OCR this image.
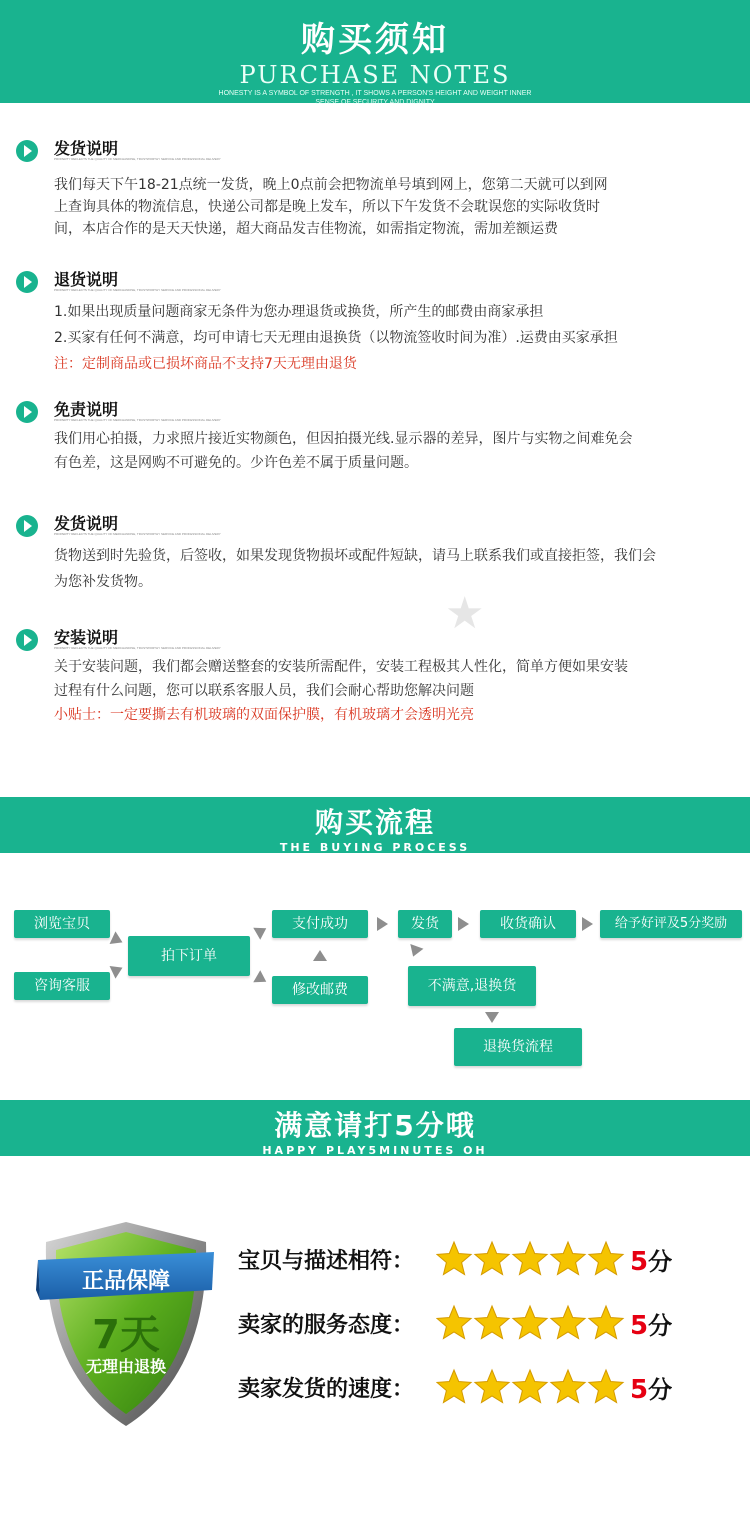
购买须知
PURCHASE NOTES
HONESTY IS A SYMBOL OF STRENGTH , IT SHOWS A PERSON'S HEIGHT AND WEIGHT INNER
SENSE OF SECURITY AND DIGNITY
发货说明
PROPERTY REFLECTS THE QUALITY OF MERCHANDISE, TRUSTWORTHY SERVICE AND PROFESSIONAL DELIVERY

我们每天下午18-21点统一发货，晚上0点前会把物流单号填到网上，您第二天就可以到网

上查询具体的物流信息，快递公司都是晚上发车，所以下午发货不会耽误您的实际收货时

间，本店合作的是天天快递，超大商品发吉佳物流，如需指定物流，需加差额运费

退货说明
PROPERTY REFLECTS THE QUALITY OF MERCHANDISE, TRUSTWORTHY SERVICE AND PROFESSIONAL DELIVERY

1.如果出现质量问题商家无条件为您办理退货或换货，所产生的邮费由商家承担

2.买家有任何不满意，均可申请七天无理由退换货（以物流签收时间为准）.运费由买家承担

注：定制商品或已损坏商品不支持7天无理由退货

免责说明
PROPERTY REFLECTS THE QUALITY OF MERCHANDISE, TRUSTWORTHY SERVICE AND PROFESSIONAL DELIVERY

我们用心拍摄，力求照片接近实物颜色，但因拍摄光线.显示器的差异，图片与实物之间难免会

有色差，这是网购不可避免的。少许色差不属于质量问题。

发货说明
PROPERTY REFLECTS THE QUALITY OF MERCHANDISE, TRUSTWORTHY SERVICE AND PROFESSIONAL DELIVERY

货物送到时先验货，后签收，如果发现货物损坏或配件短缺，请马上联系我们或直接拒签，我们会

为您补发货物。

★
安装说明
PROPERTY REFLECTS THE QUALITY OF MERCHANDISE, TRUSTWORTHY SERVICE AND PROFESSIONAL DELIVERY

关于安装问题，我们都会赠送整套的安装所需配件，安装工程极其人性化，简单方便如果安装

过程有什么问题，您可以联系客服人员，我们会耐心帮助您解决问题

小贴士：一定要撕去有机玻璃的双面保护膜，有机玻璃才会透明光亮

购买流程
THE BUYING PROCESS
浏览宝贝
咨询客服
拍下订单
支付成功
修改邮费
发货	收货确认	给予好评及5分奖励
不满意,退换货
退换货流程
满意请打5分哦
HAPPY PLAY5MINUTES OH
正品保障
7天
无理由退换
宝贝与描述相符：	5分
卖家的服务态度：	5分
卖家发货的速度：	5分
